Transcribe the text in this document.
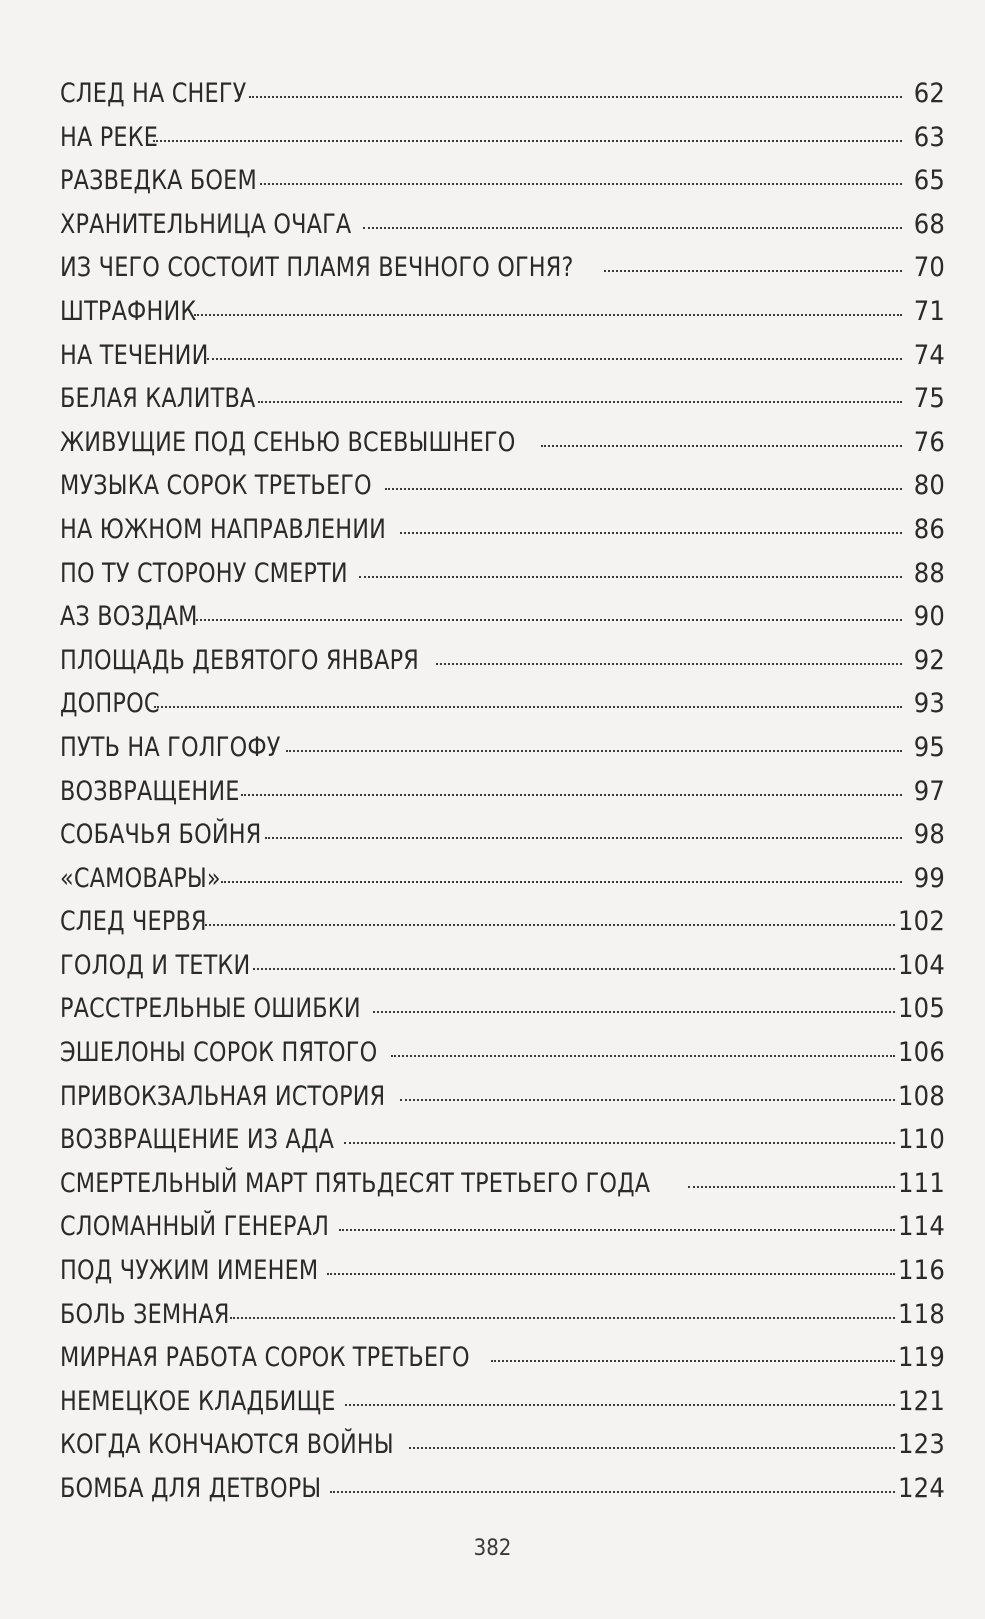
СЛЕД НА СНЕГУ	62
НА РЕКЕ	63
РАЗВЕДКА БОЕМ	65
ХРАНИТЕЛЬНИЦА ОЧАГА	68
ИЗ ЧЕГО СОСТОИТ ПЛАМЯ ВЕЧНОГО ОГНЯ?	70
ШТРАФНИК	71
НА ТЕЧЕНИИ	74
БЕЛАЯ КАЛИТВА	75
ЖИВУЩИЕ ПОД СЕНЬЮ ВСЕВЫШНЕГО	76
МУЗЫКА СОРОК ТРЕТЬЕГО	80
НА ЮЖНОМ НАПРАВЛЕНИИ	86
ПО ТУ СТОРОНУ СМЕРТИ	88
АЗ ВОЗДАМ	90
ПЛОЩАДЬ ДЕВЯТОГО ЯНВАРЯ	92
ДОПРОС	93
ПУТЬ НА ГОЛГОФУ	95
ВОЗВРАЩЕНИЕ	97
СОБАЧЬЯ БОЙНЯ	98
«САМОВАРЫ»	99
СЛЕД ЧЕРВЯ	102
ГОЛОД И ТЕТКИ	104
РАССТРЕЛЬНЫЕ ОШИБКИ	105
ЭШЕЛОНЫ СОРОК ПЯТОГО	106
ПРИВОКЗАЛЬНАЯ ИСТОРИЯ	108
ВОЗВРАЩЕНИЕ ИЗ АДА	110
СМЕРТЕЛЬНЫЙ МАРТ ПЯТЬДЕСЯТ ТРЕТЬЕГО ГОДА	111
СЛОМАННЫЙ ГЕНЕРАЛ	114
ПОД ЧУЖИМ ИМЕНЕМ	116
БОЛЬ ЗЕМНАЯ	118
МИРНАЯ РАБОТА СОРОК ТРЕТЬЕГО	119
НЕМЕЦКОЕ КЛАДБИЩЕ	121
КОГДА КОНЧАЮТСЯ ВОЙНЫ	123
БОМБА ДЛЯ ДЕТВОРЫ	124
382
